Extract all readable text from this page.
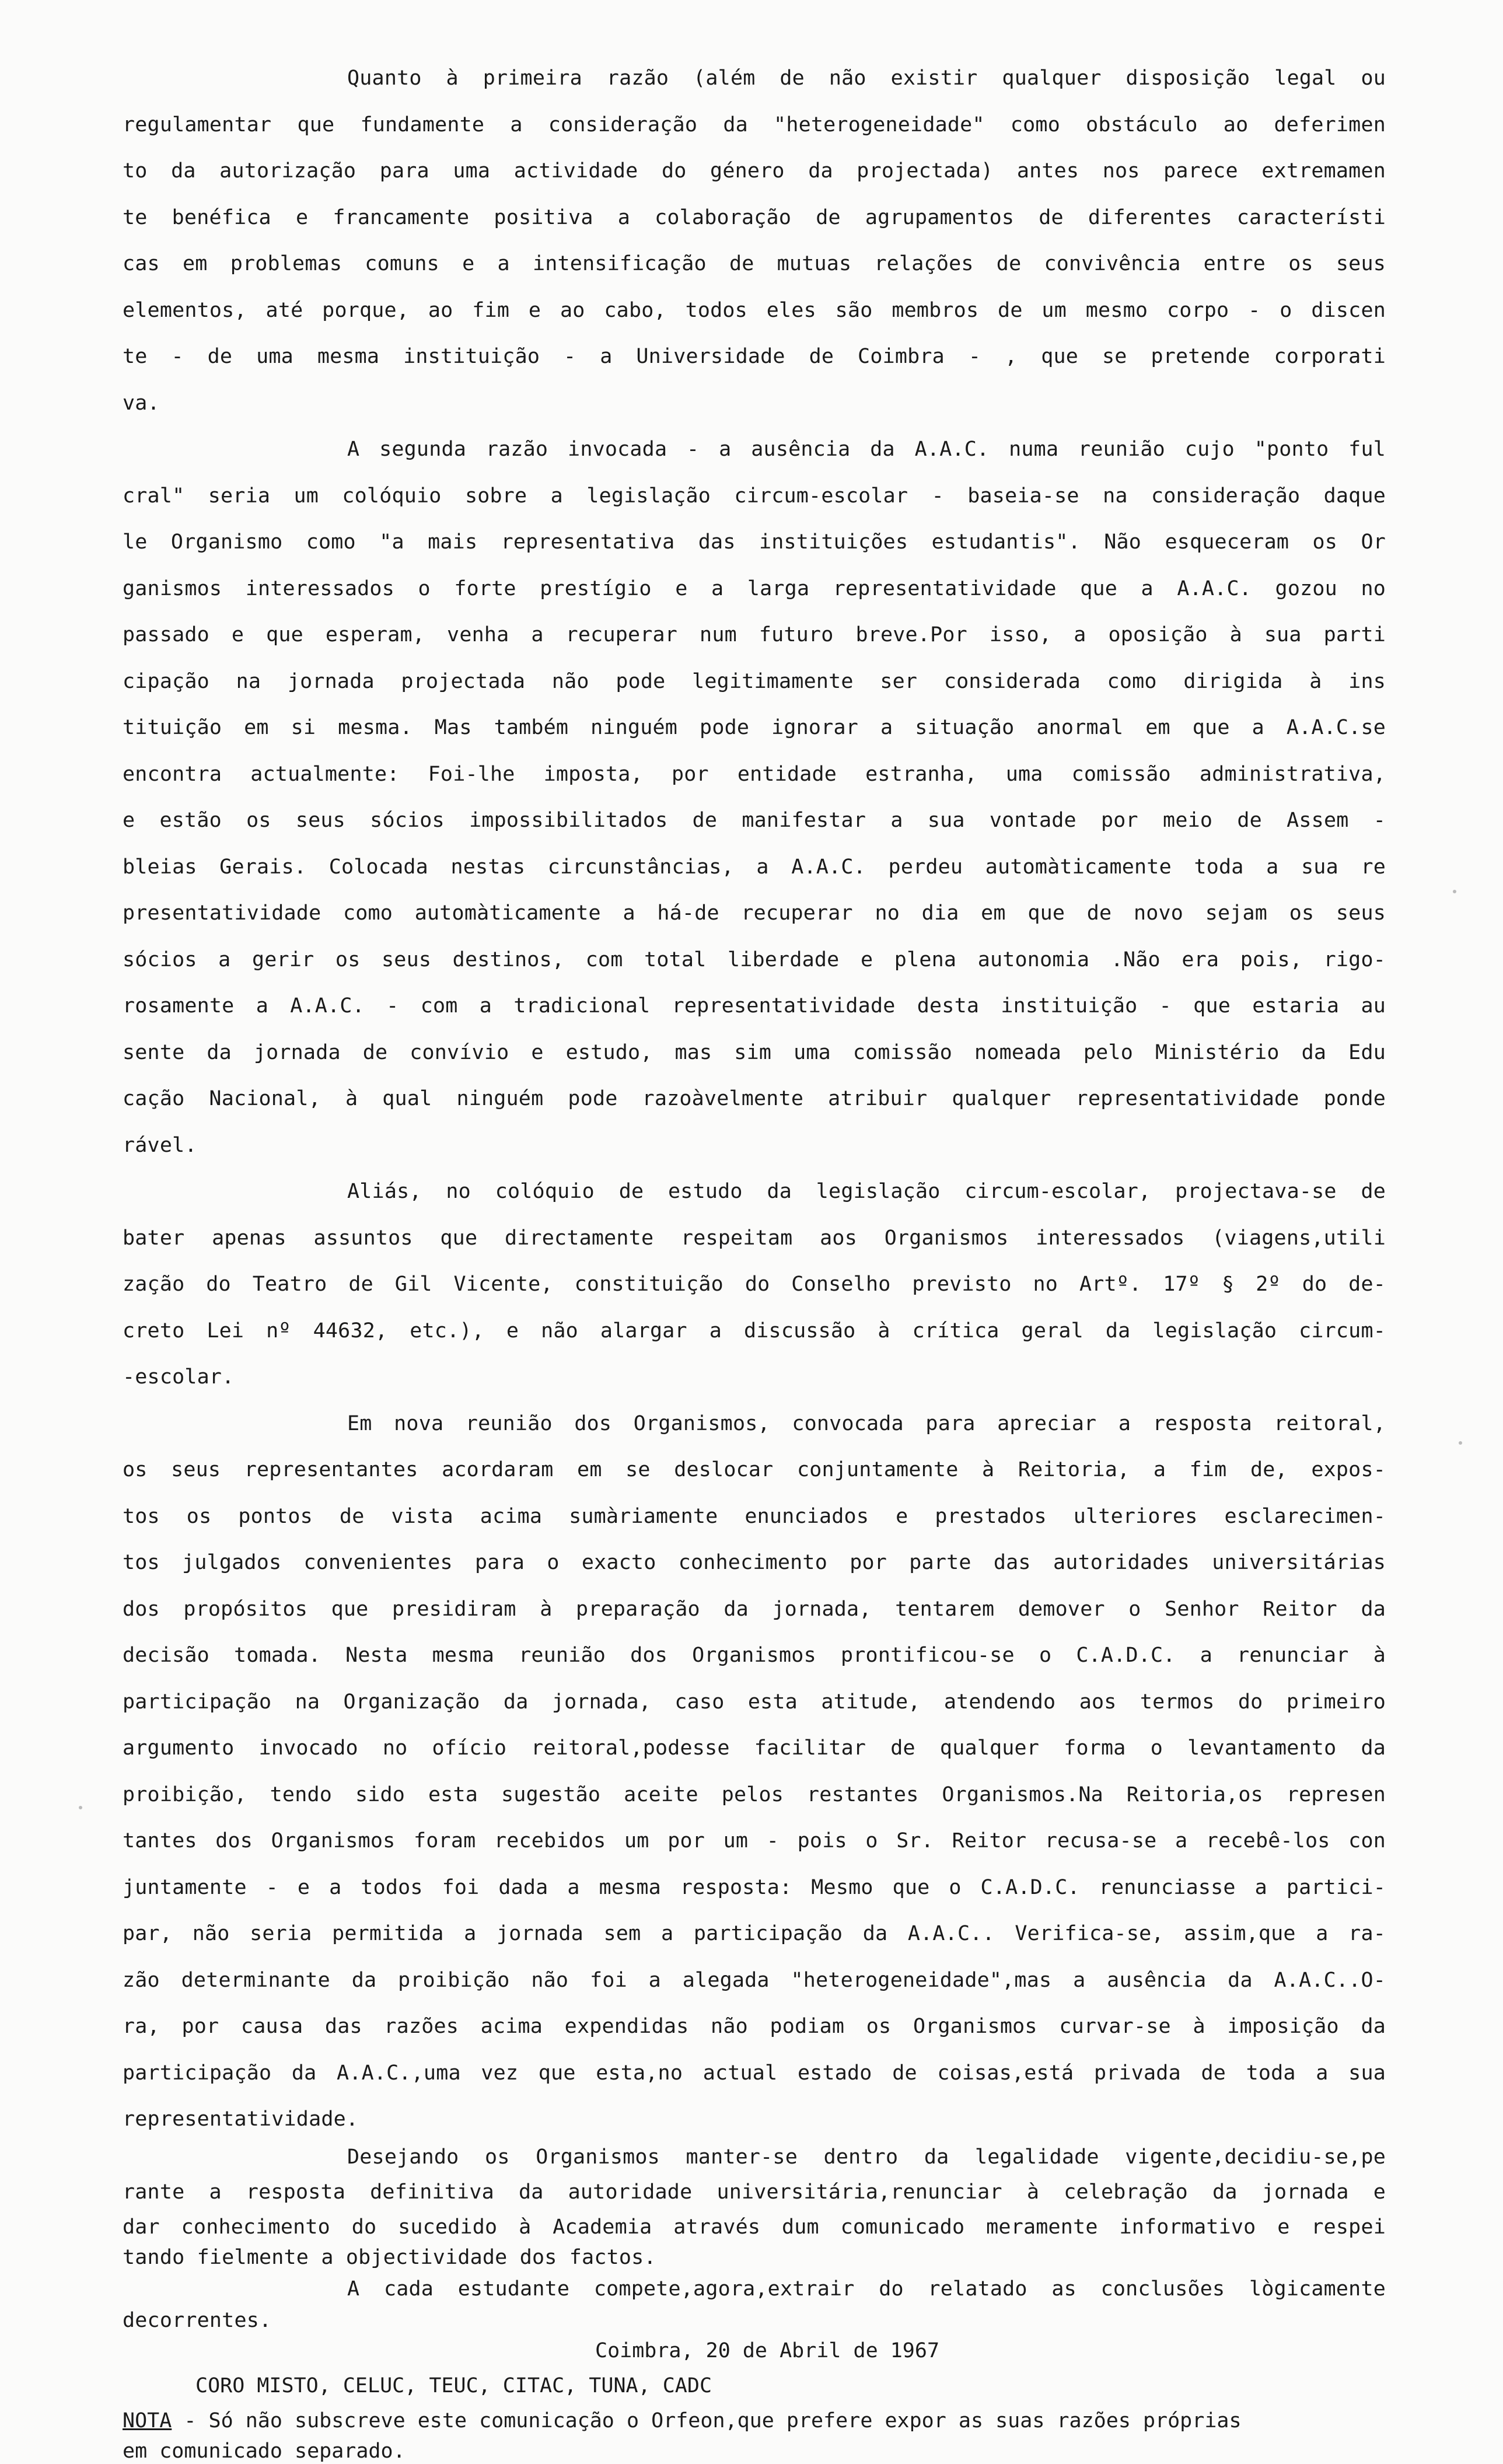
Quanto à primeira razão (além de não existir qualquer disposição legal ou

regulamentar que fundamente a consideração da "heterogeneidade" como obstáculo ao deferimen

to da autorização para uma actividade do género da projectada) antes nos parece extremamen

te benéfica e francamente positiva a colaboração de agrupamentos de diferentes característi

cas em problemas comuns e a intensificação de mutuas relações de convivência entre os seus

elementos, até porque, ao fim e ao cabo, todos eles são membros de um mesmo corpo - o discen

te - de uma mesma instituição - a Universidade de Coimbra - , que se pretende corporati

va.

A segunda razão invocada - a ausência da A.A.C. numa reunião cujo "ponto ful

cral" seria um colóquio sobre a legislação circum-escolar - baseia-se na consideração daque

le Organismo como "a mais representativa das instituições estudantis". Não esqueceram os Or

ganismos interessados o forte prestígio e a larga representatividade que a A.A.C. gozou no

passado e que esperam, venha a recuperar num futuro breve.Por isso, a oposição à sua parti

cipação na jornada projectada não pode legitimamente ser considerada como dirigida à ins

tituição em si mesma. Mas também ninguém pode ignorar a situação anormal em que a A.A.C.se

encontra actualmente: Foi-lhe imposta, por entidade estranha, uma comissão administrativa,

e estão os seus sócios impossibilitados de manifestar a sua vontade por meio de Assem -

bleias Gerais. Colocada nestas circunstâncias, a A.A.C. perdeu automàticamente toda a sua re

presentatividade como automàticamente a há-de recuperar no dia em que de novo sejam os seus

sócios a gerir os seus destinos, com total liberdade e plena autonomia .Não era pois, rigo-

rosamente a A.A.C. - com a tradicional representatividade desta instituição - que estaria au

sente da jornada de convívio e estudo, mas sim uma comissão nomeada pelo Ministério da Edu

cação Nacional, à qual ninguém pode razoàvelmente atribuir qualquer representatividade ponde

rável.

Aliás, no colóquio de estudo da legislação circum-escolar, projectava-se de

bater apenas assuntos que directamente respeitam aos Organismos interessados (viagens,utili

zação do Teatro de Gil Vicente, constituição do Conselho previsto no Artº. 17º § 2º do de-

creto Lei nº 44632, etc.), e não alargar a discussão à crítica geral da legislação circum-

-escolar.

Em nova reunião dos Organismos, convocada para apreciar a resposta reitoral,

os seus representantes acordaram em se deslocar conjuntamente à Reitoria, a fim de, expos-

tos os pontos de vista acima sumàriamente enunciados e prestados ulteriores esclarecimen-

tos julgados convenientes para o exacto conhecimento por parte das autoridades universitárias

dos propósitos que presidiram à preparação da jornada, tentarem demover o Senhor Reitor da

decisão tomada. Nesta mesma reunião dos Organismos prontificou-se o C.A.D.C. a renunciar à

participação na Organização da jornada, caso esta atitude, atendendo aos termos do primeiro

argumento invocado no ofício reitoral,podesse facilitar de qualquer forma o levantamento da

proibição, tendo sido esta sugestão aceite pelos restantes Organismos.Na Reitoria,os represen

tantes dos Organismos foram recebidos um por um - pois o Sr. Reitor recusa-se a recebê-los con

juntamente - e a todos foi dada a mesma resposta: Mesmo que o C.A.D.C. renunciasse a partici-

par, não seria permitida a jornada sem a participação da A.A.C.. Verifica-se, assim,que a ra-

zão determinante da proibição não foi a alegada "heterogeneidade",mas a ausência da A.A.C..O-

ra, por causa das razões acima expendidas não podiam os Organismos curvar-se à imposição da

participação da A.A.C.,uma vez que esta,no actual estado de coisas,está privada de toda a sua

representatividade.

Desejando os Organismos manter-se dentro da legalidade vigente,decidiu-se,pe

rante a resposta definitiva da autoridade universitária,renunciar à celebração da jornada e

dar conhecimento do sucedido à Academia através dum comunicado meramente informativo e respei

tando fielmente a objectividade dos factos.

A cada estudante compete,agora,extrair do relatado as conclusões lògicamente

decorrentes.

Coimbra, 20 de Abril de 1967

CORO MISTO, CELUC, TEUC, CITAC, TUNA, CADC

NOTA - Só não subscreve este comunicação o Orfeon,que prefere expor as suas razões próprias

em comunicado separado.
